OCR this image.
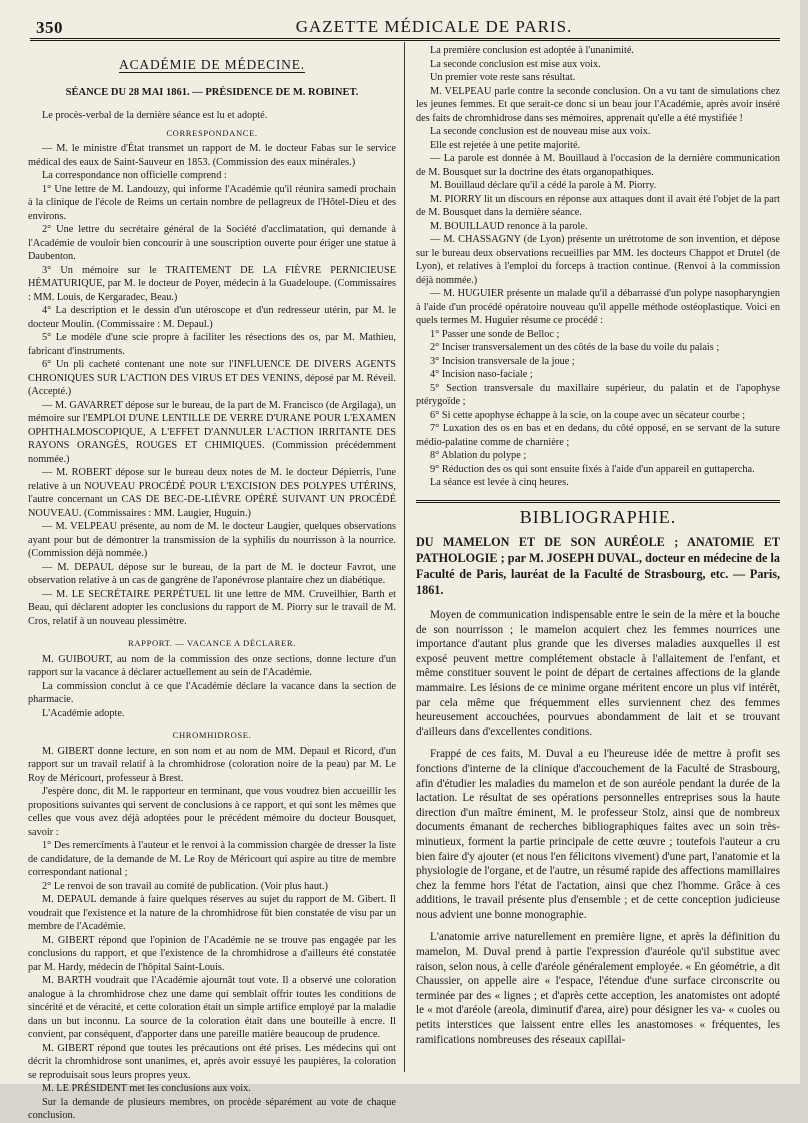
350	GAZETTE MÉDICALE DE PARIS.
ACADÉMIE DE MÉDECINE.
SÉANCE DU 28 MAI 1861. — PRÉSIDENCE DE M. ROBINET.

Le procès-verbal de la dernière séance est lu et adopté.

CORRESPONDANCE.

— M. le ministre d'État transmet un rapport de M. le docteur Fabas sur le service médical des eaux de Saint-Sauveur en 1853. (Commission des eaux minérales.)

La correspondance non officielle comprend :

1° Une lettre de M. Landouzy, qui informe l'Académie qu'il réunira samedi prochain à la clinique de l'école de Reims un certain nombre de pellagreux de l'Hôtel-Dieu et des environs.

2° Une lettre du secrétaire général de la Société d'acclimatation, qui demande à l'Académie de vouloir bien concourir à une souscription ouverte pour ériger une statue à Daubenton.

3° Un mémoire sur le TRAITEMENT DE LA FIÈVRE PERNICIEUSE HÉMATURIQUE, par M. le docteur de Poyer, médecin à la Guadeloupe. (Commissaires : MM. Louis, de Kergaradec, Beau.)

4° La description et le dessin d'un utéroscope et d'un redresseur utérin, par M. le docteur Moulin. (Commissaire : M. Depaul.)

5° Le modèle d'une scie propre à faciliter les résections des os, par M. Mathieu, fabricant d'instruments.

6° Un pli cacheté contenant une note sur l'INFLUENCE DE DIVERS AGENTS CHRONIQUES SUR L'ACTION DES VIRUS ET DES VENINS, déposé par M. Réveil. (Accepté.)

— M. GAVARRET dépose sur le bureau, de la part de M. Francisco (de Argilaga), un mémoire sur l'EMPLOI D'UNE LENTILLE DE VERRE D'URANE POUR L'EXAMEN OPHTHALMOSCOPIQUE, A L'EFFET D'ANNULER L'ACTION IRRITANTE DES RAYONS ORANGÉS, ROUGES ET CHIMIQUES. (Commission précédemment nommée.)

— M. ROBERT dépose sur le bureau deux notes de M. le docteur Dépierris, l'une relative à un NOUVEAU PROCÉDÉ POUR L'EXCISION DES POLYPES UTÉRINS, l'autre concernant un CAS DE BEC-DE-LIÈVRE OPÉRÉ SUIVANT UN PROCÉDÉ NOUVEAU. (Commissaires : MM. Laugier, Huguin.)

— M. VELPEAU présente, au nom de M. le docteur Laugier, quelques observations ayant pour but de démontrer la transmission de la syphilis du nourrisson à la nourrice. (Commission déjà nommée.)

— M. DEPAUL dépose sur le bureau, de la part de M. le docteur Favrot, une observation relative à un cas de gangrène de l'aponévrose plantaire chez un diabétique.

— M. LE SECRÉTAIRE PERPÉTUEL lit une lettre de MM. Cruveilhier, Barth et Beau, qui déclarent adopter les conclusions du rapport de M. Piorry sur le travail de M. Cros, relatif à un nouveau plessimètre.

RAPPORT. — VACANCE A DÉCLARER.

M. GUIBOURT, au nom de la commission des onze sections, donne lecture d'un rapport sur la vacance à déclarer actuellement au sein de l'Académie.

La commission conclut à ce que l'Académie déclare la vacance dans la section de pharmacie.

L'Académie adopte.

CHROMHIDROSE.

M. GIBERT donne lecture, en son nom et au nom de MM. Depaul et Ricord, d'un rapport sur un travail relatif à la chromhidrose (coloration noire de la peau) par M. Le Roy de Méricourt, professeur à Brest.

J'espère donc, dit M. le rapporteur en terminant, que vous voudrez bien accueillir les propositions suivantes qui servent de conclusions à ce rapport, et qui sont les mêmes que celles que vous avez déjà adoptées pour le précédent mémoire du docteur Bousquet, savoir :

1° Des remercîments à l'auteur et le renvoi à la commission chargée de dresser la liste de candidature, de la demande de M. Le Roy de Méricourt qui aspire au titre de membre correspondant national ;

2° Le renvoi de son travail au comité de publication. (Voir plus haut.)

M. DEPAUL demande à faire quelques réserves au sujet du rapport de M. Gibert. Il voudrait que l'existence et la nature de la chromhidrose fût bien constatée de visu par un membre de l'Académie.

M. GIBERT répond que l'opinion de l'Académie ne se trouve pas engagée par les conclusions du rapport, et que l'existence de la chromhidrose a d'ailleurs été constatée par M. Hardy, médecin de l'hôpital Saint-Louis.

M. BARTH voudrait que l'Académie ajournât tout vote. Il a observé une coloration analogue à la chromhidrose chez une dame qui semblait offrir toutes les conditions de sincérité et de véracité, et cette coloration était un simple artifice employé par la maladie dans un but inconnu. La source de la coloration était dans une bouteille à encre. Il convient, par conséquent, d'apporter dans une pareille matière beaucoup de prudence.

M. GIBERT répond que toutes les précautions ont été prises. Les médecins qui ont décrit la chromhidrose sont unanimes, et, après avoir essuyé les paupières, la coloration se reproduisait sous leurs propres yeux.

M. LE PRÉSIDENT met les conclusions aux voix.

Sur la demande de plusieurs membres, on procède séparément au vote de chaque conclusion.

La première conclusion est adoptée à l'unanimité.

La seconde conclusion est mise aux voix.

Un premier vote reste sans résultat.

M. VELPEAU parle contre la seconde conclusion. On a vu tant de simulations chez les jeunes femmes. Et que serait-ce donc si un beau jour l'Académie, après avoir inséré des faits de chromhidrose dans ses mémoires, apprenait qu'elle a été mystifiée !

La seconde conclusion est de nouveau mise aux voix.

Elle est rejetée à une petite majorité.

— La parole est donnée à M. Bouillaud à l'occasion de la dernière communication de M. Bousquet sur la doctrine des états organopathiques.

M. Bouillaud déclare qu'il a cédé la parole à M. Piorry.

M. PIORRY lit un discours en réponse aux attaques dont il avait été l'objet de la part de M. Bousquet dans la dernière séance.

M. BOUILLAUD renonce à la parole.

— M. CHASSAGNY (de Lyon) présente un urétrotome de son invention, et dépose sur le bureau deux observations recueillies par MM. les docteurs Chappot et Drutel (de Lyon), et relatives à l'emploi du forceps à traction continue. (Renvoi à la commission déjà nommée.)

— M. HUGUIER présente un malade qu'il a débarrassé d'un polype nasopharyngien à l'aide d'un procédé opératoire nouveau qu'il appelle méthode ostéoplastique. Voici en quels termes M. Huguier résume ce procédé :

1° Passer une sonde de Belloc ;

2° Inciser transversalement un des côtés de la base du voile du palais ;

3° Incision transversale de la joue ;

4° Incision naso-faciale ;

5° Section transversale du maxillaire supérieur, du palatin et de l'apophyse ptérygoïde ;

6° Si cette apophyse échappe à la scie, on la coupe avec un sécateur courbe ;

7° Luxation des os en bas et en dedans, du côté opposé, en se servant de la suture médio-palatine comme de charnière ;

8° Ablation du polype ;

9° Réduction des os qui sont ensuite fixés à l'aide d'un appareil en guttapercha.

La séance est levée à cinq heures.

BIBLIOGRAPHIE.

DU MAMELON ET DE SON AURÉOLE ; ANATOMIE ET PATHOLOGIE ; par M. JOSEPH DUVAL, docteur en médecine de la Faculté de Paris, lauréat de la Faculté de Strasbourg, etc. — Paris, 1861.

Moyen de communication indispensable entre le sein de la mère et la bouche de son nourrisson ; le mamelon acquiert chez les femmes nourrices une importance d'autant plus grande que les diverses maladies auxquelles il est exposé peuvent mettre complétement obstacle à l'allaitement de l'enfant, et même constituer souvent le point de départ de certaines affections de la glande mammaire. Les lésions de ce minime organe méritent encore un plus vif intérêt, par cela même que fréquemment elles surviennent chez des femmes heureusement accouchées, pourvues abondamment de lait et se trouvant d'ailleurs dans d'excellentes conditions.

Frappé de ces faits, M. Duval a eu l'heureuse idée de mettre à profit ses fonctions d'interne de la clinique d'accouchement de la Faculté de Strasbourg, afin d'étudier les maladies du mamelon et de son auréole pendant la durée de la lactation. Le résultat de ses opérations personnelles entreprises sous la haute direction d'un maître éminent, M. le professeur Stolz, ainsi que de nombreux documents émanant de recherches bibliographiques faites avec un soin très-minutieux, forment la partie principale de cette œuvre ; toutefois l'auteur a cru bien faire d'y ajouter (et nous l'en félicitons vivement) d'une part, l'anatomie et la physiologie de l'organe, et de l'autre, un résumé rapide des affections mamillaires chez la femme hors l'état de l'actation, ainsi que chez l'homme. Grâce à ces additions, le travail présente plus d'ensemble ; et de cette conception judicieuse nous advient une bonne monographie.

L'anatomie arrive naturellement en première ligne, et après la définition du mamelon, M. Duval prend à partie l'expression d'auréole qu'il substitue avec raison, selon nous, à celle d'aréole généralement employée. « En géométrie, a dit Chaussier, on appelle aire « l'espace, l'étendue d'une surface circonscrite ou terminée par des « lignes ; et d'après cette acception, les anatomistes ont adopté le « mot d'aréole (areola, diminutif d'area, aire) pour désigner les va- « cuoles ou petits interstices que laissent entre elles les anastomoses « fréquentes, les ramifications nombreuses des réseaux capillai-
